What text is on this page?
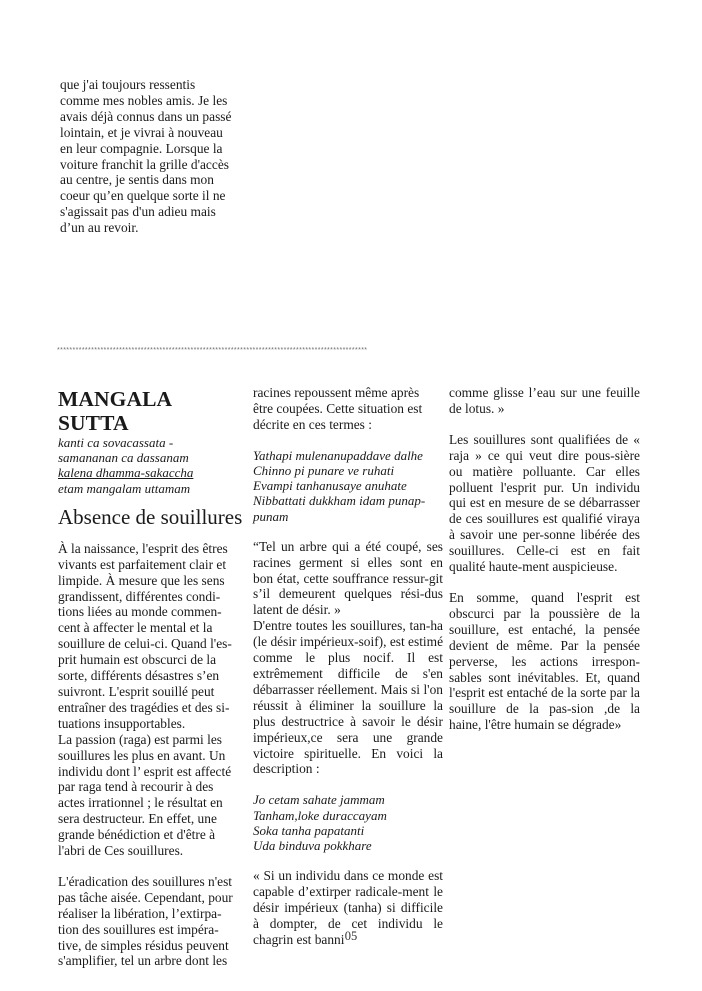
que j'ai toujours ressentis

comme mes nobles amis. Je les

avais déjà connus dans un passé

lointain, et je vivrai à nouveau

en leur compagnie. Lorsque la

voiture franchit la grille d'accès

au centre, je sentis dans mon

coeur qu’en quelque sorte il ne

s'agissait pas d'un adieu mais

d’un au revoir.

****************************************************************************************************
MANGALA SUTTA

kanti ca sovacassata -

samananan ca dassanam

kalena dhamma-sakaccha

etam mangalam uttamam

Absence de souillures

À la naissance, l'esprit des êtres

vivants est parfaitement clair et

limpide. À mesure que les sens

grandissent, différentes condi-

tions liées au monde commen-

cent à affecter le mental et la

souillure de celui-ci. Quand l'es-

prit humain est obscurci de la

sorte, différents désastres s’en

suivront. L'esprit souillé peut

entraîner des tragédies et des si-

tuations insupportables.

La passion (raga) est parmi les

souillures les plus en avant. Un

individu dont l’ esprit est affecté

par raga tend à recourir à des

actes irrationnel ; le résultat en

sera destructeur. En effet, une

grande bénédiction et d'être à

l'abri de Ces souillures.

L'éradication des souillures n'est

pas tâche aisée. Cependant, pour

réaliser la libération, l’extirpa-

tion des souillures est impéra-

tive, de simples résidus peuvent

s'amplifier, tel un arbre dont les

racines repoussent même après

être coupées. Cette situation est

décrite en ces termes :

Yathapi mulenanupaddave dalhe

Chinno pi punare ve ruhati

Evampi tanhanusaye anuhate

Nibbattati dukkham idam punap-

punam

“Tel un arbre qui a été coupé, ses racines germent si elles sont en bon état, cette souffrance ressur-git s’il demeurent quelques rési-dus latent de désir. »

D'entre toutes les souillures, tan-ha (le désir impérieux-soif), est estimé comme le plus nocif. Il est extrêmement difficile de s'en débarrasser réellement. Mais si l'on réussit à éliminer la souillure la plus destructrice à savoir le désir impérieux,ce sera une grande victoire spirituelle. En voici la description :

Jo cetam sahate jammam

Tanham,loke duraccayam

Soka tanha papatanti

Uda binduva pokkhare

« Si un individu dans ce monde est capable d’extirper radicale-ment le désir impérieux (tanha) si difficile à dompter, de cet individu le chagrin est banni

comme glisse l’eau sur une feuille de lotus. »

Les souillures sont qualifiées de « raja » ce qui veut dire pous-sière ou matière polluante. Car elles polluent l'esprit pur. Un individu qui est en mesure de se débarrasser de ces souillures est qualifié viraya à savoir une per-sonne libérée des souillures. Celle-ci est en fait qualité haute-ment auspicieuse.

En somme, quand l'esprit est obscurci par la poussière de la souillure, est entaché, la pensée devient de même. Par la pensée perverse, les actions irrespon-sables sont inévitables. Et, quand l'esprit est entaché de la sorte par la souillure de la pas-sion ,de la haine, l'être humain se dégrade»

05
